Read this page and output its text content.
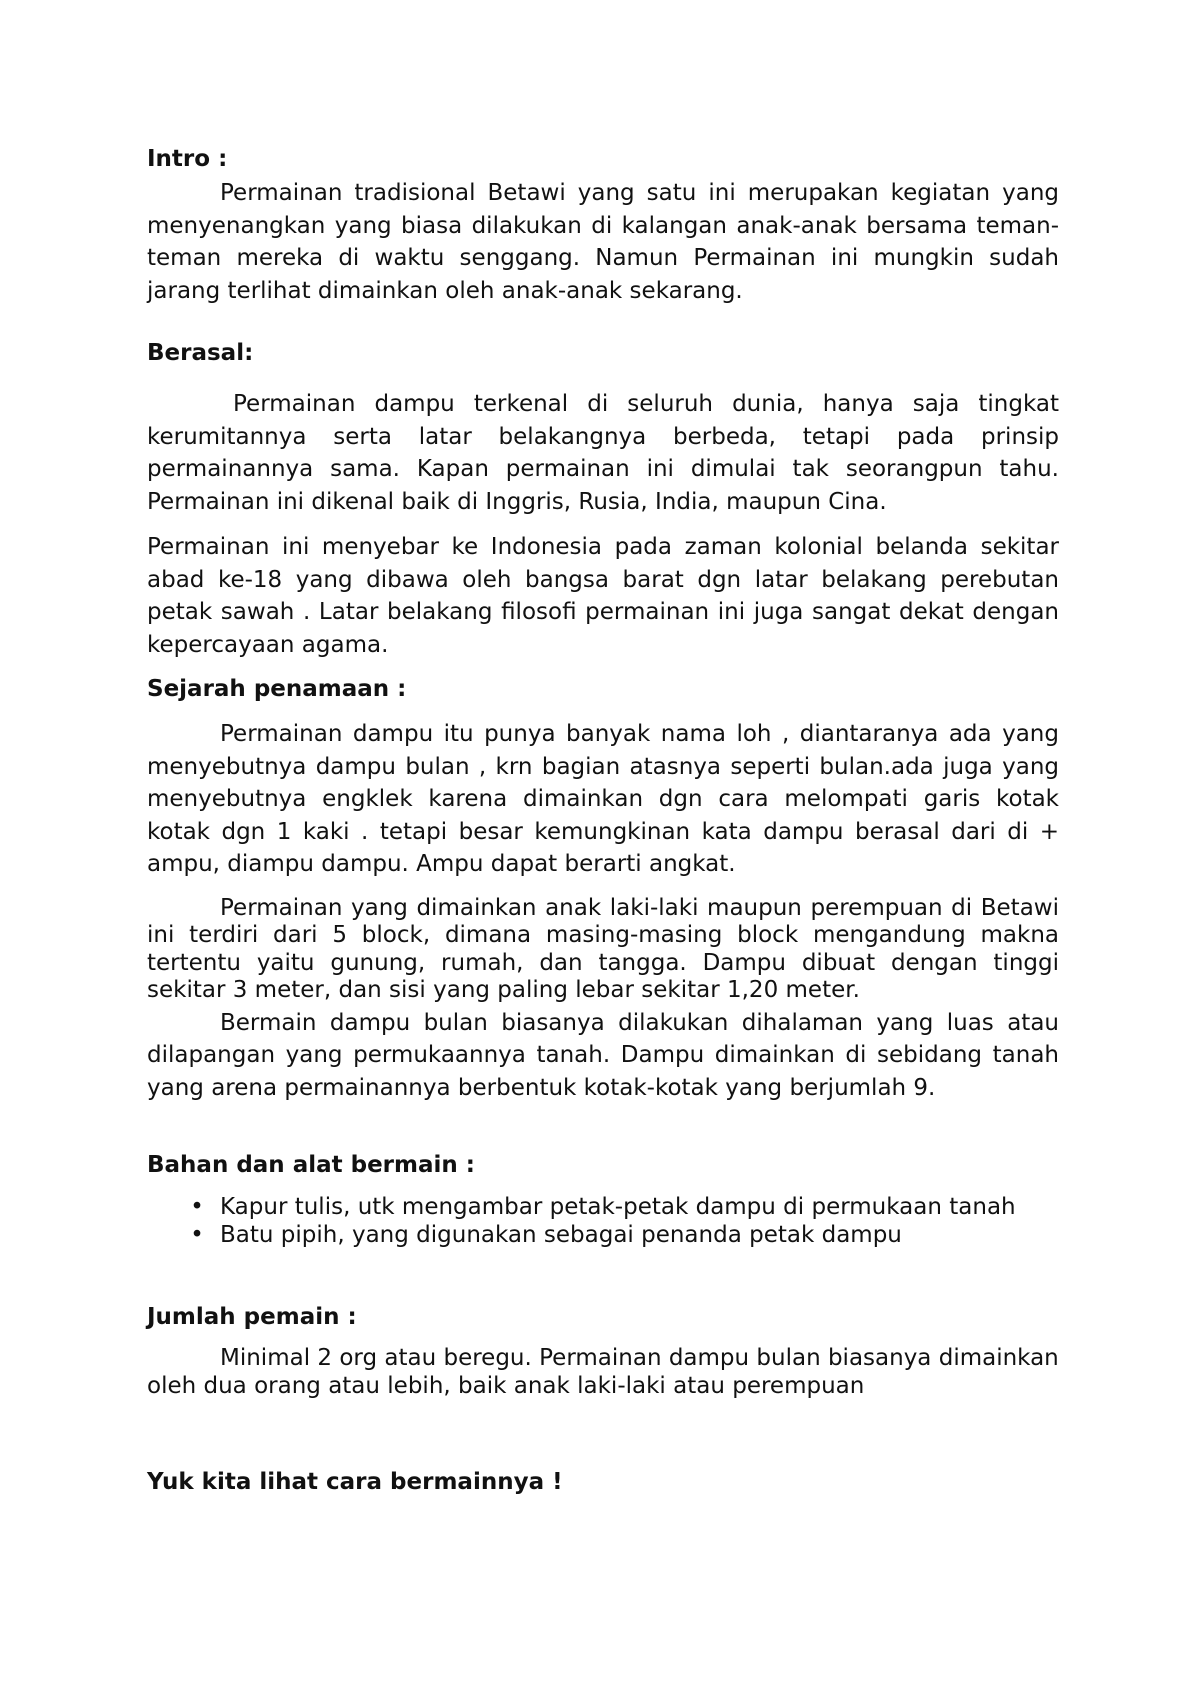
Intro :

Permainan tradisional Betawi yang satu ini merupakan kegiatan yang menyenangkan yang biasa dilakukan di kalangan anak-anak bersama teman-teman mereka di waktu senggang. Namun Permainan ini mungkin sudah jarang terlihat dimainkan oleh anak-anak sekarang.

Berasal:

Permainan dampu terkenal di seluruh dunia, hanya saja tingkat kerumitannya serta latar belakangnya berbeda, tetapi pada prinsip permainannya sama. Kapan permainan ini dimulai tak seorangpun tahu. Permainan ini dikenal baik di Inggris, Rusia, India, maupun Cina.

Permainan ini menyebar ke Indonesia pada zaman kolonial belanda sekitar abad ke-18 yang dibawa oleh bangsa barat dgn latar belakang perebutan petak sawah . Latar belakang filosofi permainan ini juga sangat dekat dengan kepercayaan agama.

Sejarah penamaan :

Permainan dampu itu punya banyak nama loh , diantaranya ada yang menyebutnya dampu bulan , krn bagian atasnya seperti bulan.ada juga yang menyebutnya engklek karena dimainkan dgn cara melompati garis kotak kotak dgn 1 kaki . tetapi besar kemungkinan kata dampu berasal dari di + ampu, diampu dampu. Ampu dapat berarti angkat.

Permainan yang dimainkan anak laki-laki maupun perempuan di Betawi ini terdiri dari 5 block, dimana masing-masing block mengandung makna tertentu yaitu gunung, rumah, dan tangga. Dampu dibuat dengan tinggi sekitar 3 meter, dan sisi yang paling lebar sekitar 1,20 meter.

Bermain dampu bulan biasanya dilakukan dihalaman yang luas atau dilapangan yang permukaannya tanah. Dampu dimainkan di sebidang tanah yang arena permainannya berbentuk kotak-kotak yang berjumlah 9.

Bahan dan alat bermain :

• Kapur tulis, utk mengambar petak-petak dampu di permukaan tanah
• Batu pipih, yang digunakan sebagai penanda petak dampu

Jumlah pemain :

Minimal 2 org atau beregu. Permainan dampu bulan biasanya dimainkan oleh dua orang atau lebih, baik anak laki-laki atau perempuan

Yuk kita lihat cara bermainnya !
